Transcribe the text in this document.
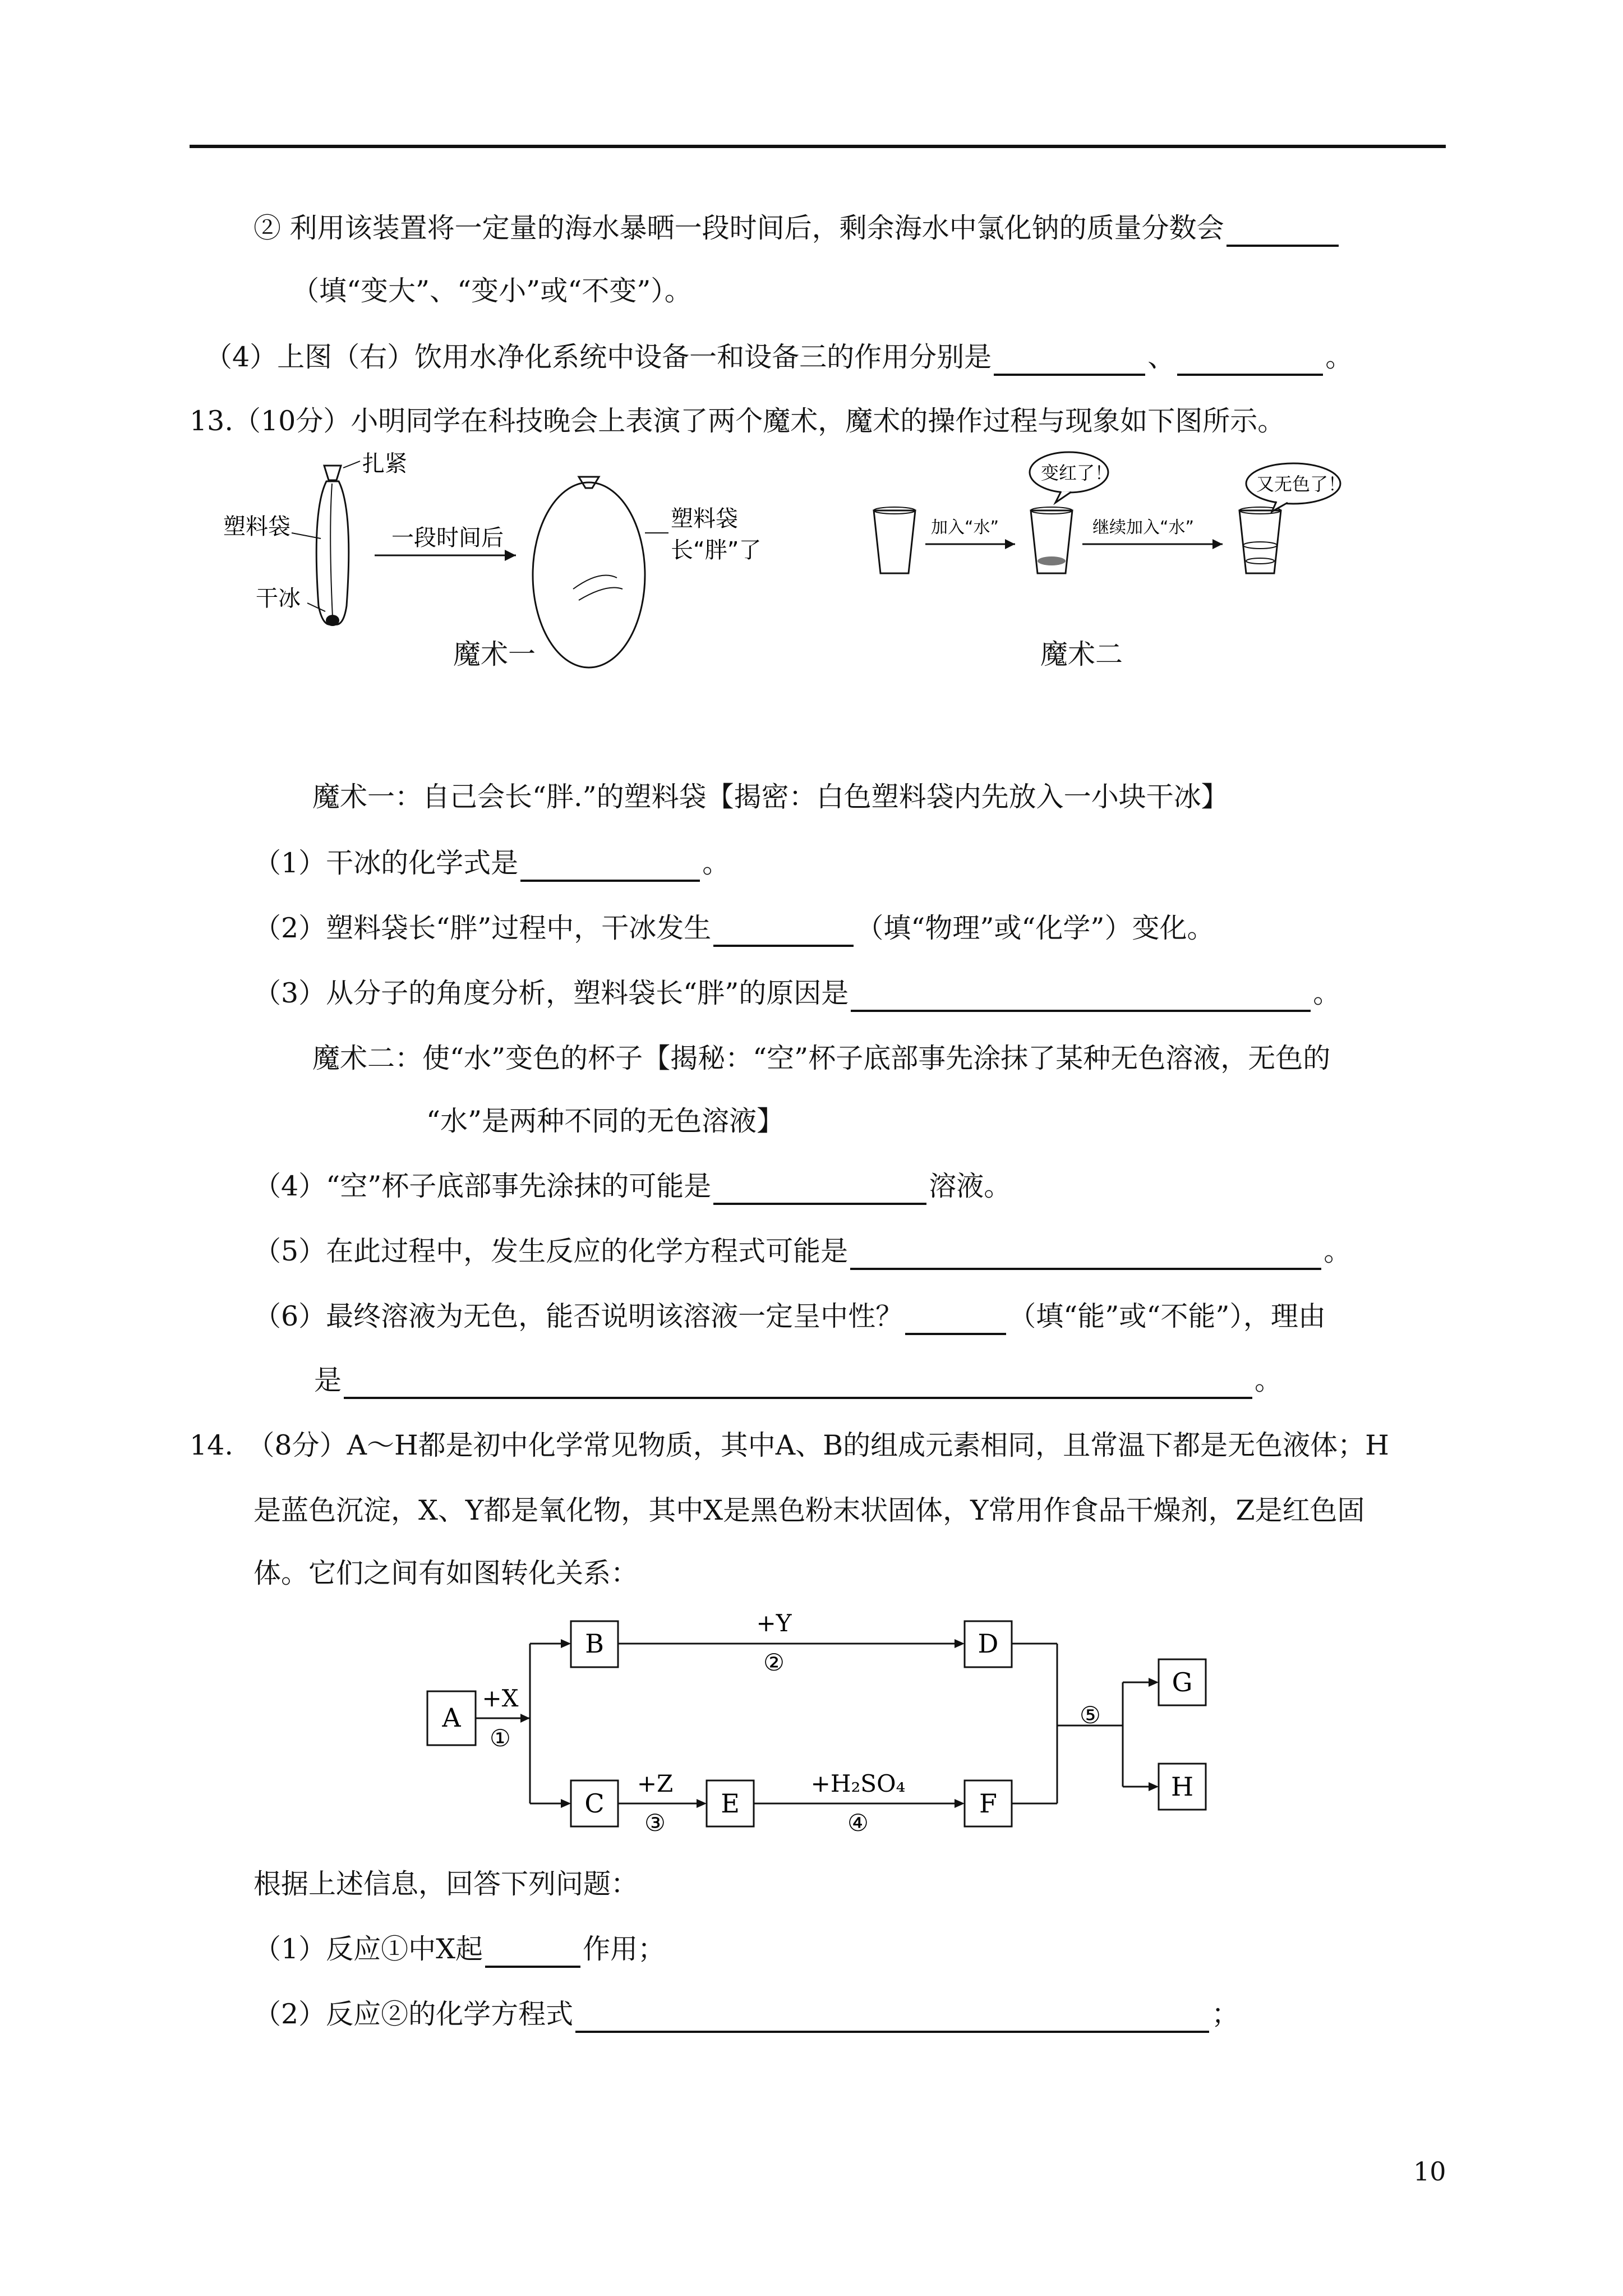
② 利用该装置将一定量的海水暴晒一段时间后，剩余海水中氯化钠的质量分数会
（填“变大”、“变小”或“不变”）。
（4）上图（右）饮用水净化系统中设备一和设备三的作用分别是	、	。
13.（10分）小明同学在科技晚会上表演了两个魔术，魔术的操作过程与现象如下图所示。
扎紧
塑料袋
干冰
一段时间后
塑料袋
长“胖”了
魔术一
加入“水”
变红了！
继续加入“水”
又无色了！
魔术二
魔术一：自己会长“胖.”的塑料袋【揭密：白色塑料袋内先放入一小块干冰】
（1）干冰的化学式是	。
（2）塑料袋长“胖”过程中，干冰发生	（填“物理”或“化学”）变化。
（3）从分子的角度分析，塑料袋长“胖”的原因是	。
魔术二：使“水”变色的杯子【揭秘：“空”杯子底部事先涂抹了某种无色溶液，无色的
“水”是两种不同的无色溶液】
（4）“空”杯子底部事先涂抹的可能是	溶液。
（5）在此过程中，发生反应的化学方程式可能是	。
（6）最终溶液为无色，能否说明该溶液一定呈中性？	（填“能”或“不能”），理由
是	。
14.　（8分）A～H都是初中化学常见物质，其中A、B的组成元素相同，且常温下都是无色液体；H
是蓝色沉淀，X、Y都是氧化物，其中X是黑色粉末状固体，Y常用作食品干燥剂，Z是红色固
体。它们之间有如图转化关系：
A
B
C	E
D
F
G
H
+X
①
+Y
②
+Z
③
+H₂SO₄
④
⑤
根据上述信息，回答下列问题：
（1）反应①中X起	作用；
（2）反应②的化学方程式	；
10
